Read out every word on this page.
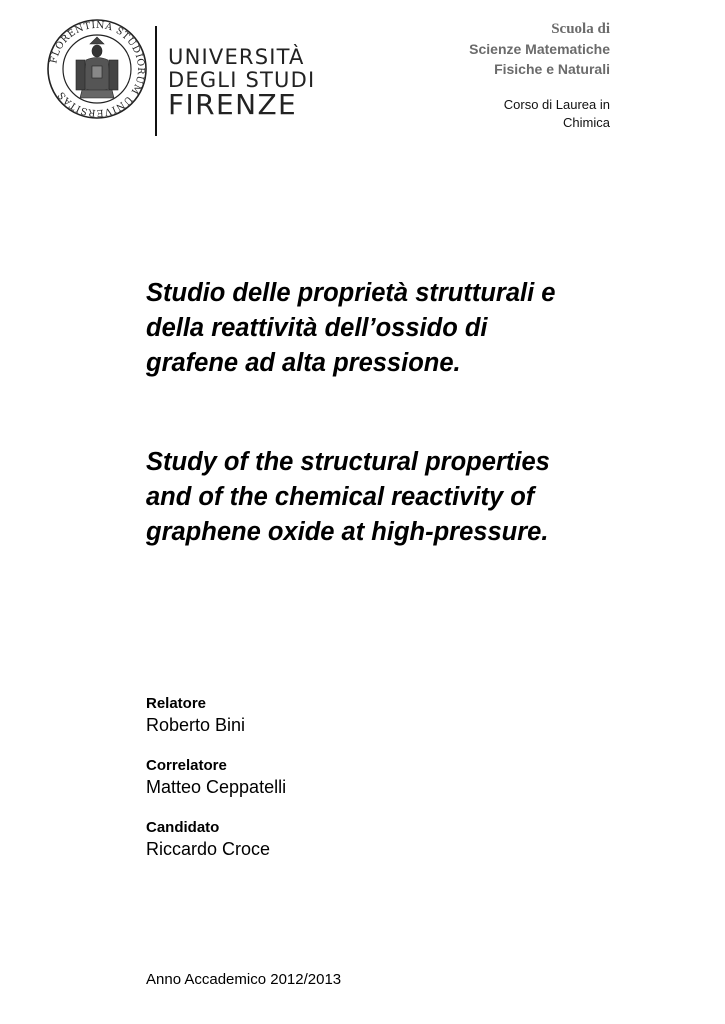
FLORENTINA STUDIORUM UNIVERSITAS
UNIVERSITÀ
DEGLI STUDI
FIRENZE
Scuola di
Scienze Matematiche
Fisiche e Naturali
Corso di Laurea in
Chimica
Studio delle proprietà strutturali e
della reattività dell’ossido di
grafene ad alta pressione.
Study of the structural properties
and of the chemical reactivity of
graphene oxide at high-pressure.
Relatore
Roberto Bini
Correlatore
Matteo Ceppatelli
Candidato
Riccardo Croce
Anno Accademico 2012/2013
